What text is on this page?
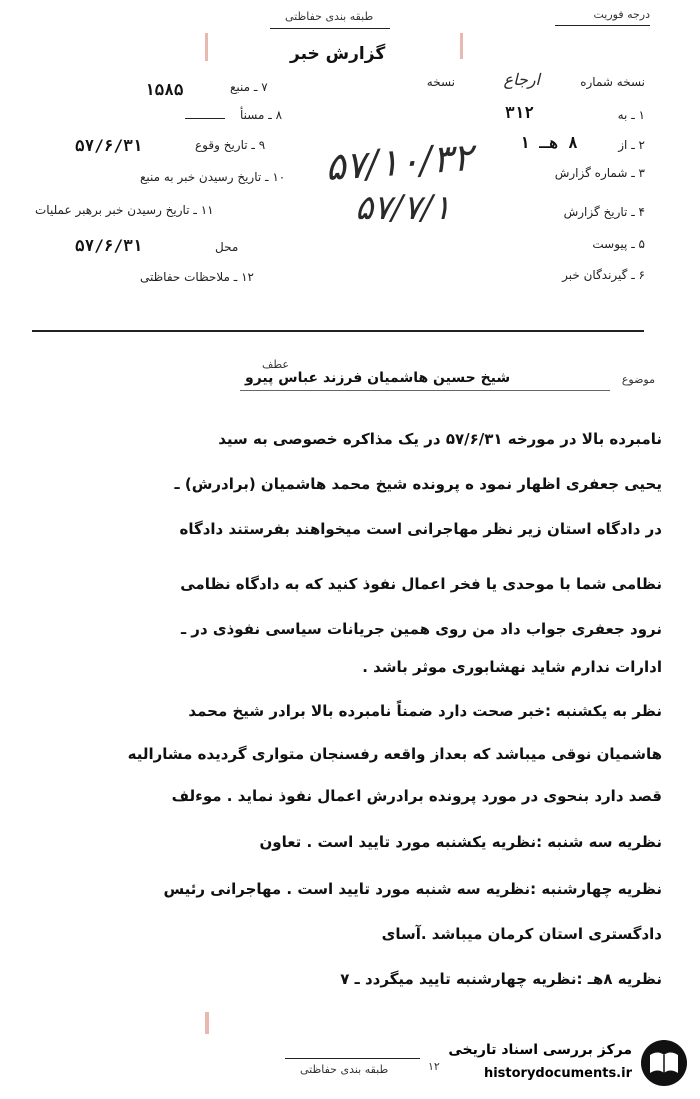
درجه فوریت
طبقه بندی حفاظتی
گزارش خبر
نسخه شماره
ارجاع
نسخه
۱ ـ به
۳۱۲
۲ ـ از
۸ هـ ۱
۳ ـ شماره گزارش
۴ ـ تاریخ گزارش
۵ ـ پیوست
۶ ـ گیرندگان خبر
۷ ـ منبع
۱۵۸۵
۸ ـ مسنأ
۹ ـ تاریخ وقوع
۵۷/۶/۳۱
۱۰ ـ تاریخ رسیدن خبر به منبع
۱۱ ـ تاریخ رسیدن خبر برهبر عملیات
محل
۵۷/۶/۳۱
۱۲ ـ ملاحظات حفاظتی
۵۷/۱۰/۳۲
۵۷/۷/۱
موضوع
عطف
شیخ حسین هاشمیان فرزند عباس پیرو
نامبرده بالا در مورخه ۵۷/۶/۳۱ در یک مذاکره خصوصی به سید
یحیی جعفری اظهار نمود ه پرونده شیخ محمد هاشمیان (برادرش) ـ
در دادگاه استان زیر نظر مهاجرانی است میخواهند بفرستند دادگاه
نظامی شما با موحدی یا فخر اعمال نفوذ کنید که به دادگاه نظامی
نرود جعفری جواب داد من روی همین جریانات سیاسی نفوذی در ـ
ادارات ندارم شاید نهشابوری موثر باشد .
نظر به یکشنبه :خبر صحت دارد ضمناً نامبرده بالا برادر شیخ محمد
هاشمیان نوقی میباشد که بعداز واقعه رفسنجان متواری گردیده مشارالیه
قصد دارد بنحوی در مورد پرونده برادرش اعمال نفوذ نماید . موءلف
نظریه سه شنبه :نظریه یکشنبه مورد تایید است . تعاون
نظریه چهارشنبه :نظریه سه شنبه مورد تایید است . مهاجرانی رئیس
دادگستری استان کرمان میباشد .آسای
نظریه ۸هـ :نظریه چهارشنبه تایید میگردد ـ ۷
طبقه بندی حفاظتی	۱۲
مرکز بررسی اسناد تاریخی
historydocuments.ir
